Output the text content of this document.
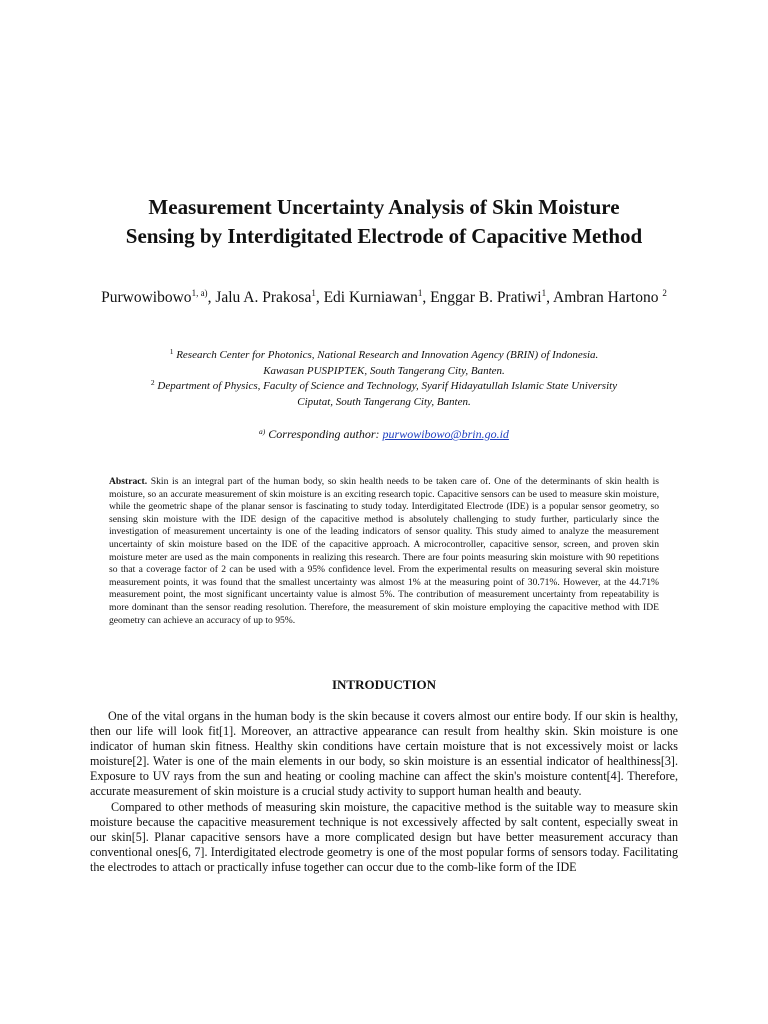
Measurement Uncertainty Analysis of Skin Moisture
Sensing by Interdigitated Electrode of Capacitive Method
Purwowibowo$^{1, a)}$, Jalu A. Prakosa$^1$, Edi Kurniawan$^1$, Enggar B. Pratiwi$^1$, Ambran Hartono $^2$

$^1$ Research Center for Photonics, National Research and Innovation Agency (BRIN) of Indonesia.

Kawasan PUSPIPTEK, South Tangerang City, Banten.

$^2$ Department of Physics, Faculty of Science and Technology, Syarif Hidayatullah Islamic State University

Ciputat, South Tangerang City, Banten.

$^{a)}$ Corresponding author: purwowibowo@brin.go.id
Abstract. Skin is an integral part of the human body, so skin health needs to be taken care of. One of the determinants of skin health is moisture, so an accurate measurement of skin moisture is an exciting research topic. Capacitive sensors can be used to measure skin moisture, while the geometric shape of the planar sensor is fascinating to study today. Interdigitated Electrode (IDE) is a popular sensor geometry, so sensing skin moisture with the IDE design of the capacitive method is absolutely challenging to study further, particularly since the investigation of measurement uncertainty is one of the leading indicators of sensor quality. This study aimed to analyze the measurement uncertainty of skin moisture based on the IDE of the capacitive approach. A microcontroller, capacitive sensor, screen, and proven skin moisture meter are used as the main components in realizing this research. There are four points measuring skin moisture with 90 repetitions so that a coverage factor of 2 can be used with a 95% confidence level. From the experimental results on measuring several skin moisture measurement points, it was found that the smallest uncertainty was almost 1% at the measuring point of 30.71%. However, at the 44.71% measurement point, the most significant uncertainty value is almost 5%. The contribution of measurement uncertainty from repeatability is more dominant than the sensor reading resolution. Therefore, the measurement of skin moisture employing the capacitive method with IDE geometry can achieve an accuracy of up to 95%.
INTRODUCTION

One of the vital organs in the human body is the skin because it covers almost our entire body. If our skin is healthy, then our life will look fit[1]. Moreover, an attractive appearance can result from healthy skin. Skin moisture is one indicator of human skin fitness. Healthy skin conditions have certain moisture that is not excessively moist or lacks moisture[2]. Water is one of the main elements in our body, so skin moisture is an essential indicator of healthiness[3]. Exposure to UV rays from the sun and heating or cooling machine can affect the skin's moisture content[4]. Therefore, accurate measurement of skin moisture is a crucial study activity to support human health and beauty.

Compared to other methods of measuring skin moisture, the capacitive method is the suitable way to measure skin moisture because the capacitive measurement technique is not excessively affected by salt content, especially sweat in our skin[5]. Planar capacitive sensors have a more complicated design but have better measurement accuracy than conventional ones[6, 7]. Interdigitated electrode geometry is one of the most popular forms of sensors today. Facilitating the electrodes to attach or practically infuse together can occur due to the comb-like form of the IDE
